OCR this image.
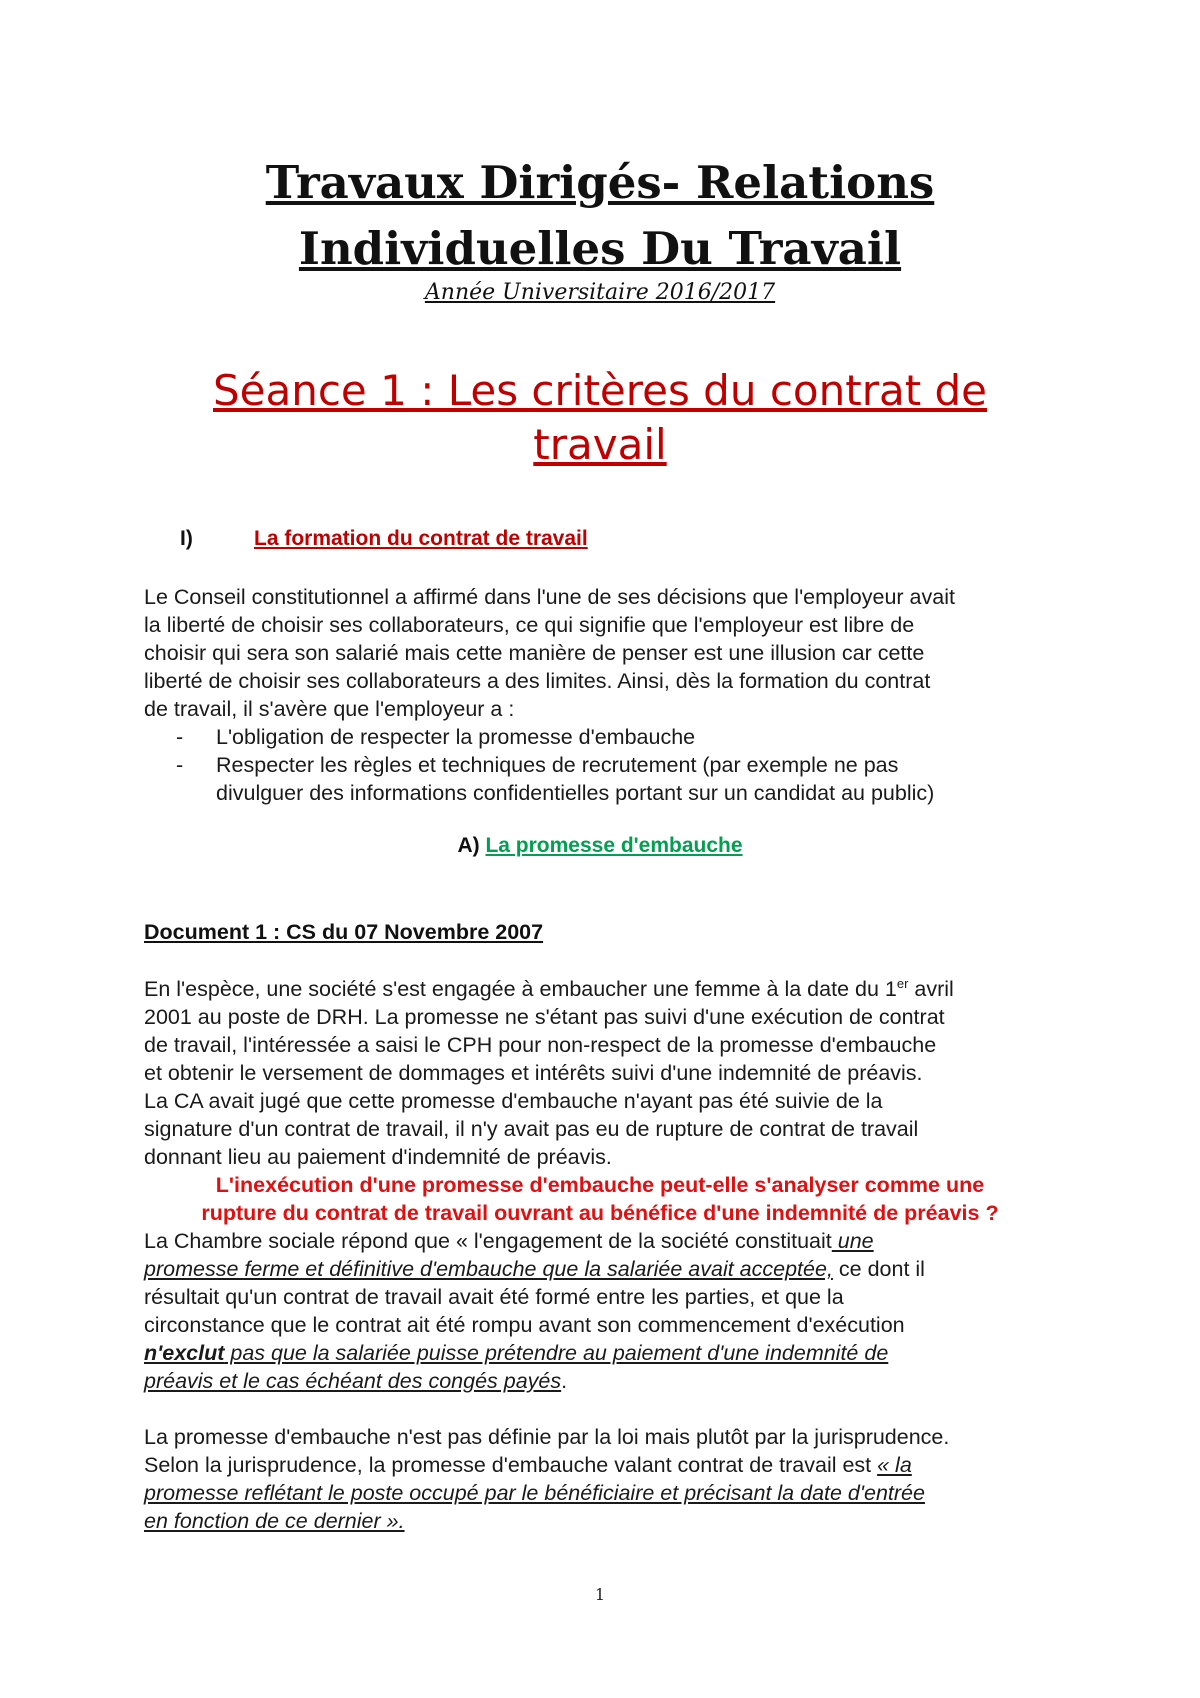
Travaux Dirigés- Relations
Individuelles Du Travail
Année Universitaire 2016/2017
Séance 1 : Les critères du contrat de
travail
I)	La formation du contrat de travail
Le Conseil constitutionnel a affirmé dans l'une de ses décisions que l'employeur avait
la liberté de choisir ses collaborateurs, ce qui signifie que l'employeur est libre de
choisir qui sera son salarié mais cette manière de penser est une illusion car cette
liberté de choisir ses collaborateurs a des limites. Ainsi, dès la formation du contrat
de travail, il s'avère que l'employeur a :
- L'obligation de respecter la promesse d'embauche
- Respecter les règles et techniques de recrutement (par exemple ne pas
divulguer des informations confidentielles portant sur un candidat au public)
A) La promesse d'embauche
Document 1 : CS du 07 Novembre 2007
En l'espèce, une société s'est engagée à embaucher une femme à la date du 1er avril
2001 au poste de DRH. La promesse ne s'étant pas suivi d'une exécution de contrat
de travail, l'intéressée a saisi le CPH pour non-respect de la promesse d'embauche
et obtenir le versement de dommages et intérêts suivi d'une indemnité de préavis.
La CA avait jugé que cette promesse d'embauche n'ayant pas été suivie de la
signature d'un contrat de travail, il n'y avait pas eu de rupture de contrat de travail
donnant lieu au paiement d'indemnité de préavis.
L'inexécution d'une promesse d'embauche peut-elle s'analyser comme une
rupture du contrat de travail ouvrant au bénéfice d'une indemnité de préavis ?
La Chambre sociale répond que « l'engagement de la société constituait une
promesse ferme et définitive d'embauche que la salariée avait acceptée, ce dont il
résultait qu'un contrat de travail avait été formé entre les parties, et que la
circonstance que le contrat ait été rompu avant son commencement d'exécution
n'exclut pas que la salariée puisse prétendre au paiement d'une indemnité de
préavis et le cas échéant des congés payés.
La promesse d'embauche n'est pas définie par la loi mais plutôt par la jurisprudence.
Selon la jurisprudence, la promesse d'embauche valant contrat de travail est « la
promesse reflétant le poste occupé par le bénéficiaire et précisant la date d'entrée
en fonction de ce dernier ».
1
